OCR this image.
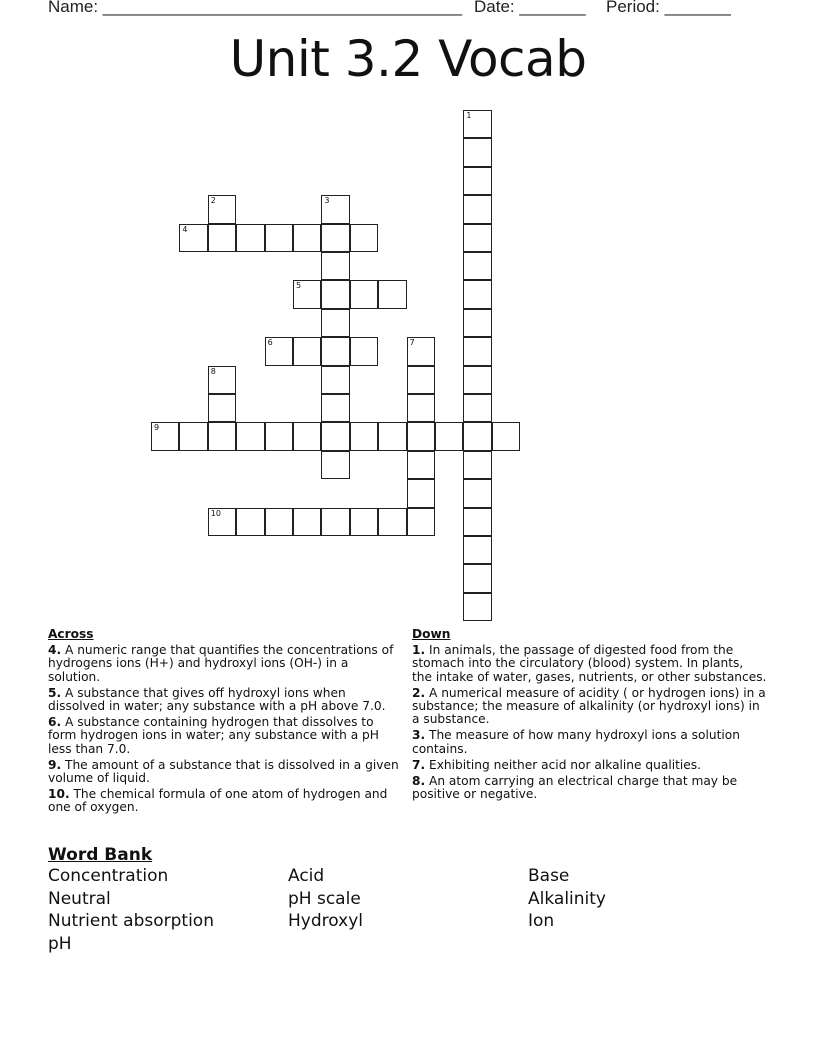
Name: ______________________________________ Date: _______ Period: _______
Unit 3.2 Vocab
1
2	3
4
5
6	7
8
9
10
Across
4. A numeric range that quantifies the concentrations of hydrogens ions (H+) and hydroxyl ions (OH-) in a solution.
5. A substance that gives off hydroxyl ions when dissolved in water; any substance with a pH above 7.0.
6. A substance containing hydrogen that dissolves to form hydrogen ions in water; any substance with a pH less than 7.0.
9. The amount of a substance that is dissolved in a given volume of liquid.
10. The chemical formula of one atom of hydrogen and one of oxygen.
Down
1. In animals, the passage of digested food from the stomach into the circulatory (blood) system. In plants, the intake of water, gases, nutrients, or other substances.
2. A numerical measure of acidity ( or hydrogen ions) in a substance; the measure of alkalinity (or hydroxyl ions) in a substance.
3. The measure of how many hydroxyl ions a solution contains.
7. Exhibiting neither acid nor alkaline qualities.
8. An atom carrying an electrical charge that may be positive or negative.
Word Bank
Concentration	Acid	Base
Neutral	pH scale	Alkalinity
Nutrient absorption	Hydroxyl	Ion
pH
